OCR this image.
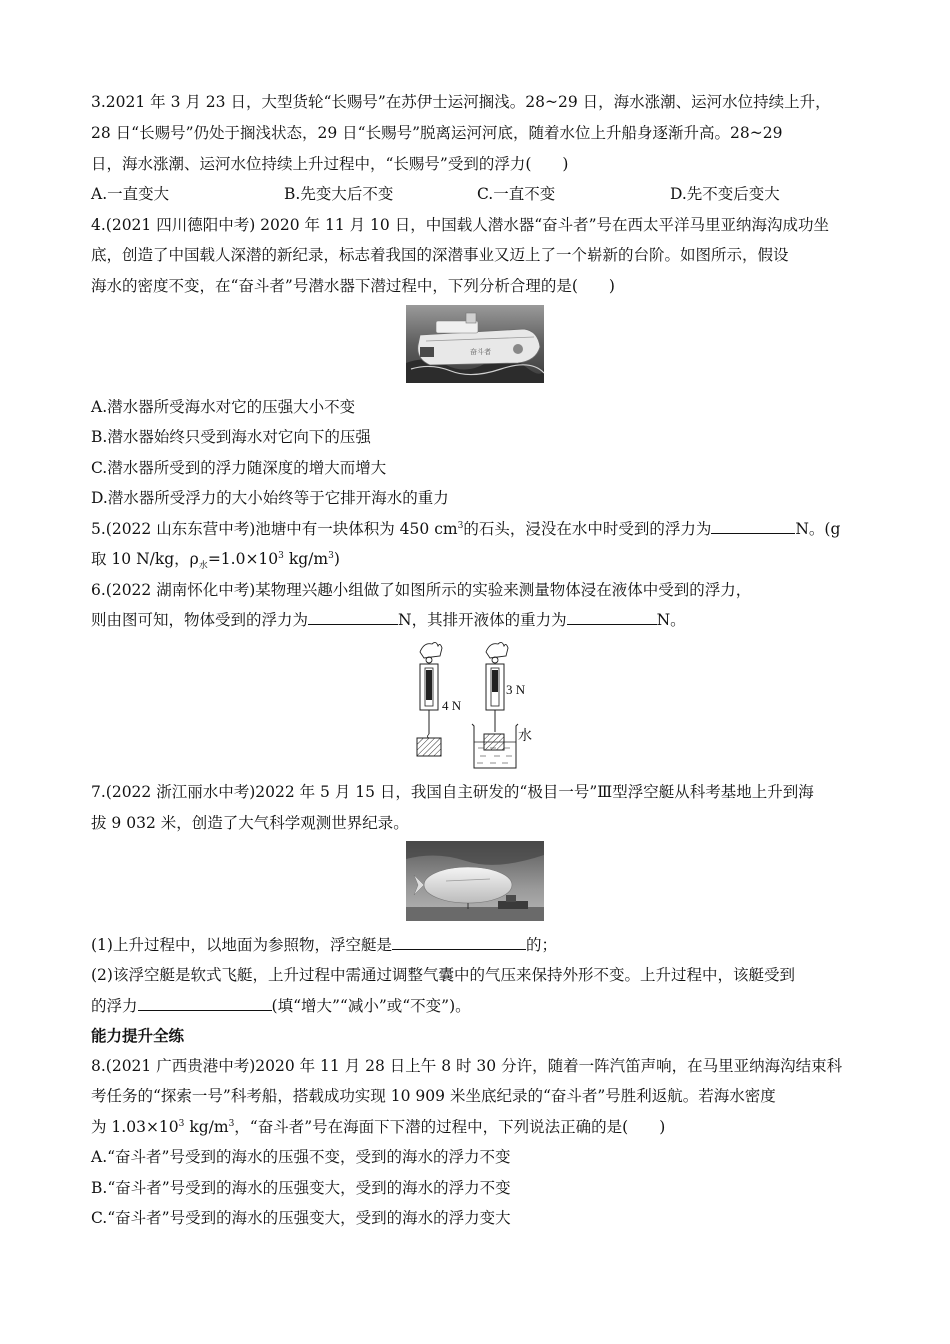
3.2021 年 3 月 23 日，大型货轮“长赐号”在苏伊士运河搁浅。28~29 日，海水涨潮、运河水位持续上升，
28 日“长赐号”仍处于搁浅状态，29 日“长赐号”脱离运河河底，随着水位上升船身逐渐升高。28~29
日，海水涨潮、运河水位持续上升过程中，“长赐号”受到的浮力(　　)
A.一直变大	B.先变大后不变	C.一直不变	D.先不变后变大
4.(2021 四川德阳中考) 2020 年 11 月 10 日，中国载人潜水器“奋斗者”号在西太平洋马里亚纳海沟成功坐
底，创造了中国载人深潜的新纪录，标志着我国的深潜事业又迈上了一个崭新的台阶。如图所示，假设
海水的密度不变，在“奋斗者”号潜水器下潜过程中，下列分析合理的是(　　)
奋斗者
A.潜水器所受海水对它的压强大小不变
B.潜水器始终只受到海水对它向下的压强
C.潜水器所受到的浮力随深度的增大而增大
D.潜水器所受浮力的大小始终等于它排开海水的重力
5.(2022 山东东营中考)池塘中有一块体积为 450 $cm^3$的石头，浸没在水中时受到的浮力为	N。(g
取 10 N/kg，$\rho_水=1.0\times 10^3$ $kg/m^3$)
6.(2022 湖南怀化中考)某物理兴趣小组做了如图所示的实验来测量物体浸在液体中受到的浮力，
则由图可知，物体受到的浮力为	N，其排开液体的重力为	N。
4 N
3 N
水
7.(2022 浙江丽水中考)2022 年 5 月 15 日，我国自主研发的“极目一号”Ⅲ型浮空艇从科考基地上升到海
拔 9 032 米，创造了大气科学观测世界纪录。
(1)上升过程中，以地面为参照物，浮空艇是	的；
(2)该浮空艇是软式飞艇，上升过程中需通过调整气囊中的气压来保持外形不变。上升过程中，该艇受到
的浮力	(填“增大”“减小”或“不变”)。
能力提升全练
8.(2021 广西贵港中考)2020 年 11 月 28 日上午 8 时 30 分许，随着一阵汽笛声响，在马里亚纳海沟结束科
考任务的“探索一号”科考船，搭载成功实现 10 909 米坐底纪录的“奋斗者”号胜利返航。若海水密度
为 $1.03\times 10^3$ $kg/m^3$，“奋斗者”号在海面下下潜的过程中，下列说法正确的是(　　)
A.“奋斗者”号受到的海水的压强不变，受到的海水的浮力不变
B.“奋斗者”号受到的海水的压强变大，受到的海水的浮力不变
C.“奋斗者”号受到的海水的压强变大，受到的海水的浮力变大
